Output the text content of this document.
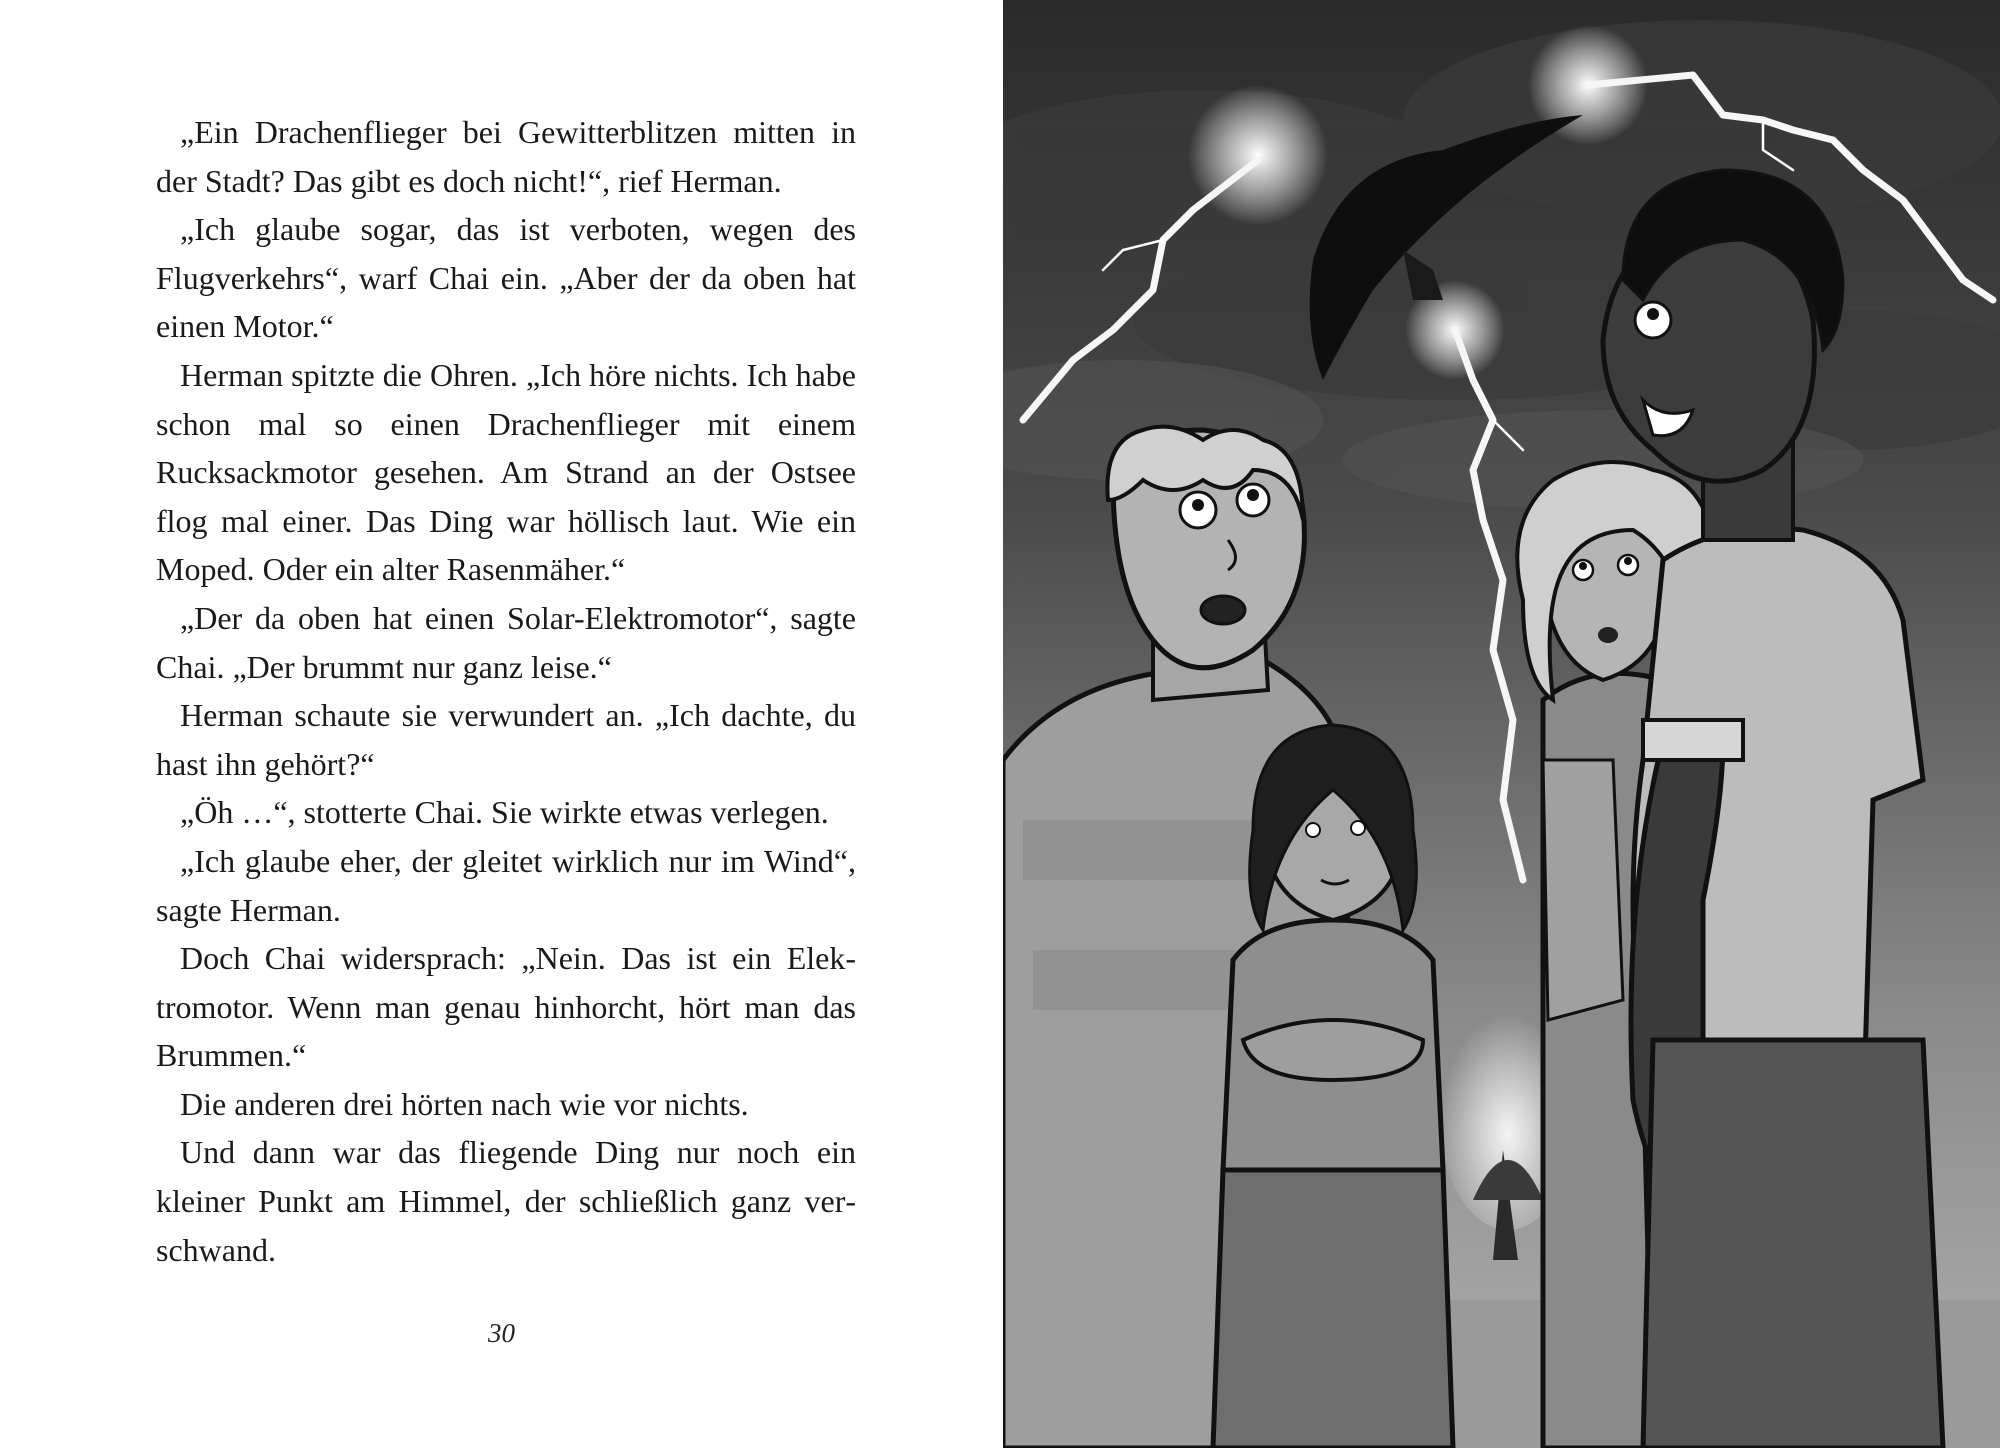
„Ein Drachenflieger bei Gewitterblitzen mitten in der Stadt? Das gibt es doch nicht!“, rief Herman.

„Ich glaube sogar, das ist verboten, wegen des Flugverkehrs“, warf Chai ein. „Aber der da oben hat einen Motor.“

Herman spitzte die Ohren. „Ich höre nichts. Ich habe schon mal so einen Drachenflieger mit einem Rucksackmotor gesehen. Am Strand an der Ostsee flog mal einer. Das Ding war höllisch laut. Wie ein Moped. Oder ein alter Rasenmäher.“

„Der da oben hat einen Solar-Elektromotor“, sagte Chai. „Der brummt nur ganz leise.“

Herman schaute sie verwundert an. „Ich dachte, du hast ihn gehört?“

„Öh …“, stotterte Chai. Sie wirkte etwas verlegen.

„Ich glaube eher, der gleitet wirklich nur im Wind“, sagte Herman.

Doch Chai widersprach: „Nein. Das ist ein Elektromotor. Wenn man genau hinhorcht, hört man das Brummen.“

Die anderen drei hörten nach wie vor nichts.

Und dann war das fliegende Ding nur noch ein kleiner Punkt am Himmel, der schließlich ganz verschwand.

30
